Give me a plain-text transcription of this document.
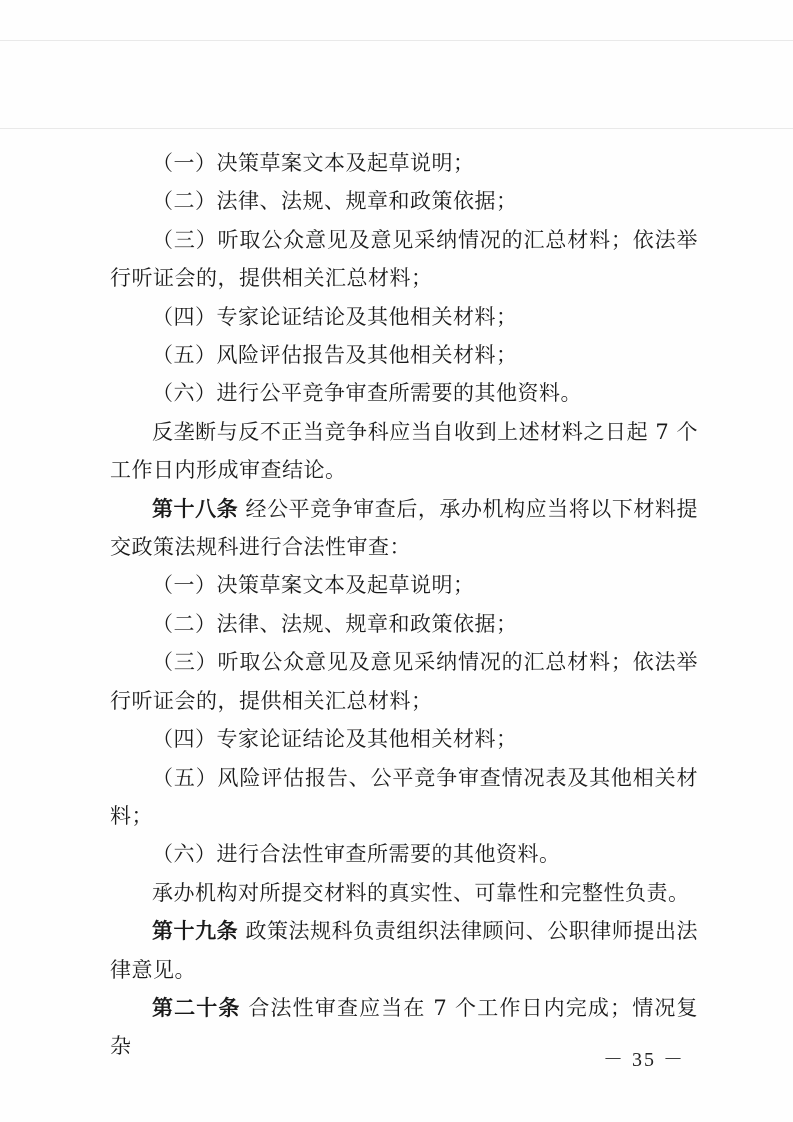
（一）决策草案文本及起草说明；

（二）法律、法规、规章和政策依据；

（三）听取公众意见及意见采纳情况的汇总材料；依法举行听证会的，提供相关汇总材料；

（四）专家论证结论及其他相关材料；

（五）风险评估报告及其他相关材料；

（六）进行公平竞争审查所需要的其他资料。

反垄断与反不正当竞争科应当自收到上述材料之日起 7 个工作日内形成审查结论。

第十八条 经公平竞争审查后，承办机构应当将以下材料提交政策法规科进行合法性审查：

（一）决策草案文本及起草说明；

（二）法律、法规、规章和政策依据；

（三）听取公众意见及意见采纳情况的汇总材料；依法举行听证会的，提供相关汇总材料；

（四）专家论证结论及其他相关材料；

（五）风险评估报告、公平竞争审查情况表及其他相关材料；

（六）进行合法性审查所需要的其他资料。

承办机构对所提交材料的真实性、可靠性和完整性负责。

第十九条 政策法规科负责组织法律顾问、公职律师提出法律意见。

第二十条 合法性审查应当在 7 个工作日内完成；情况复杂

－ 35 －
